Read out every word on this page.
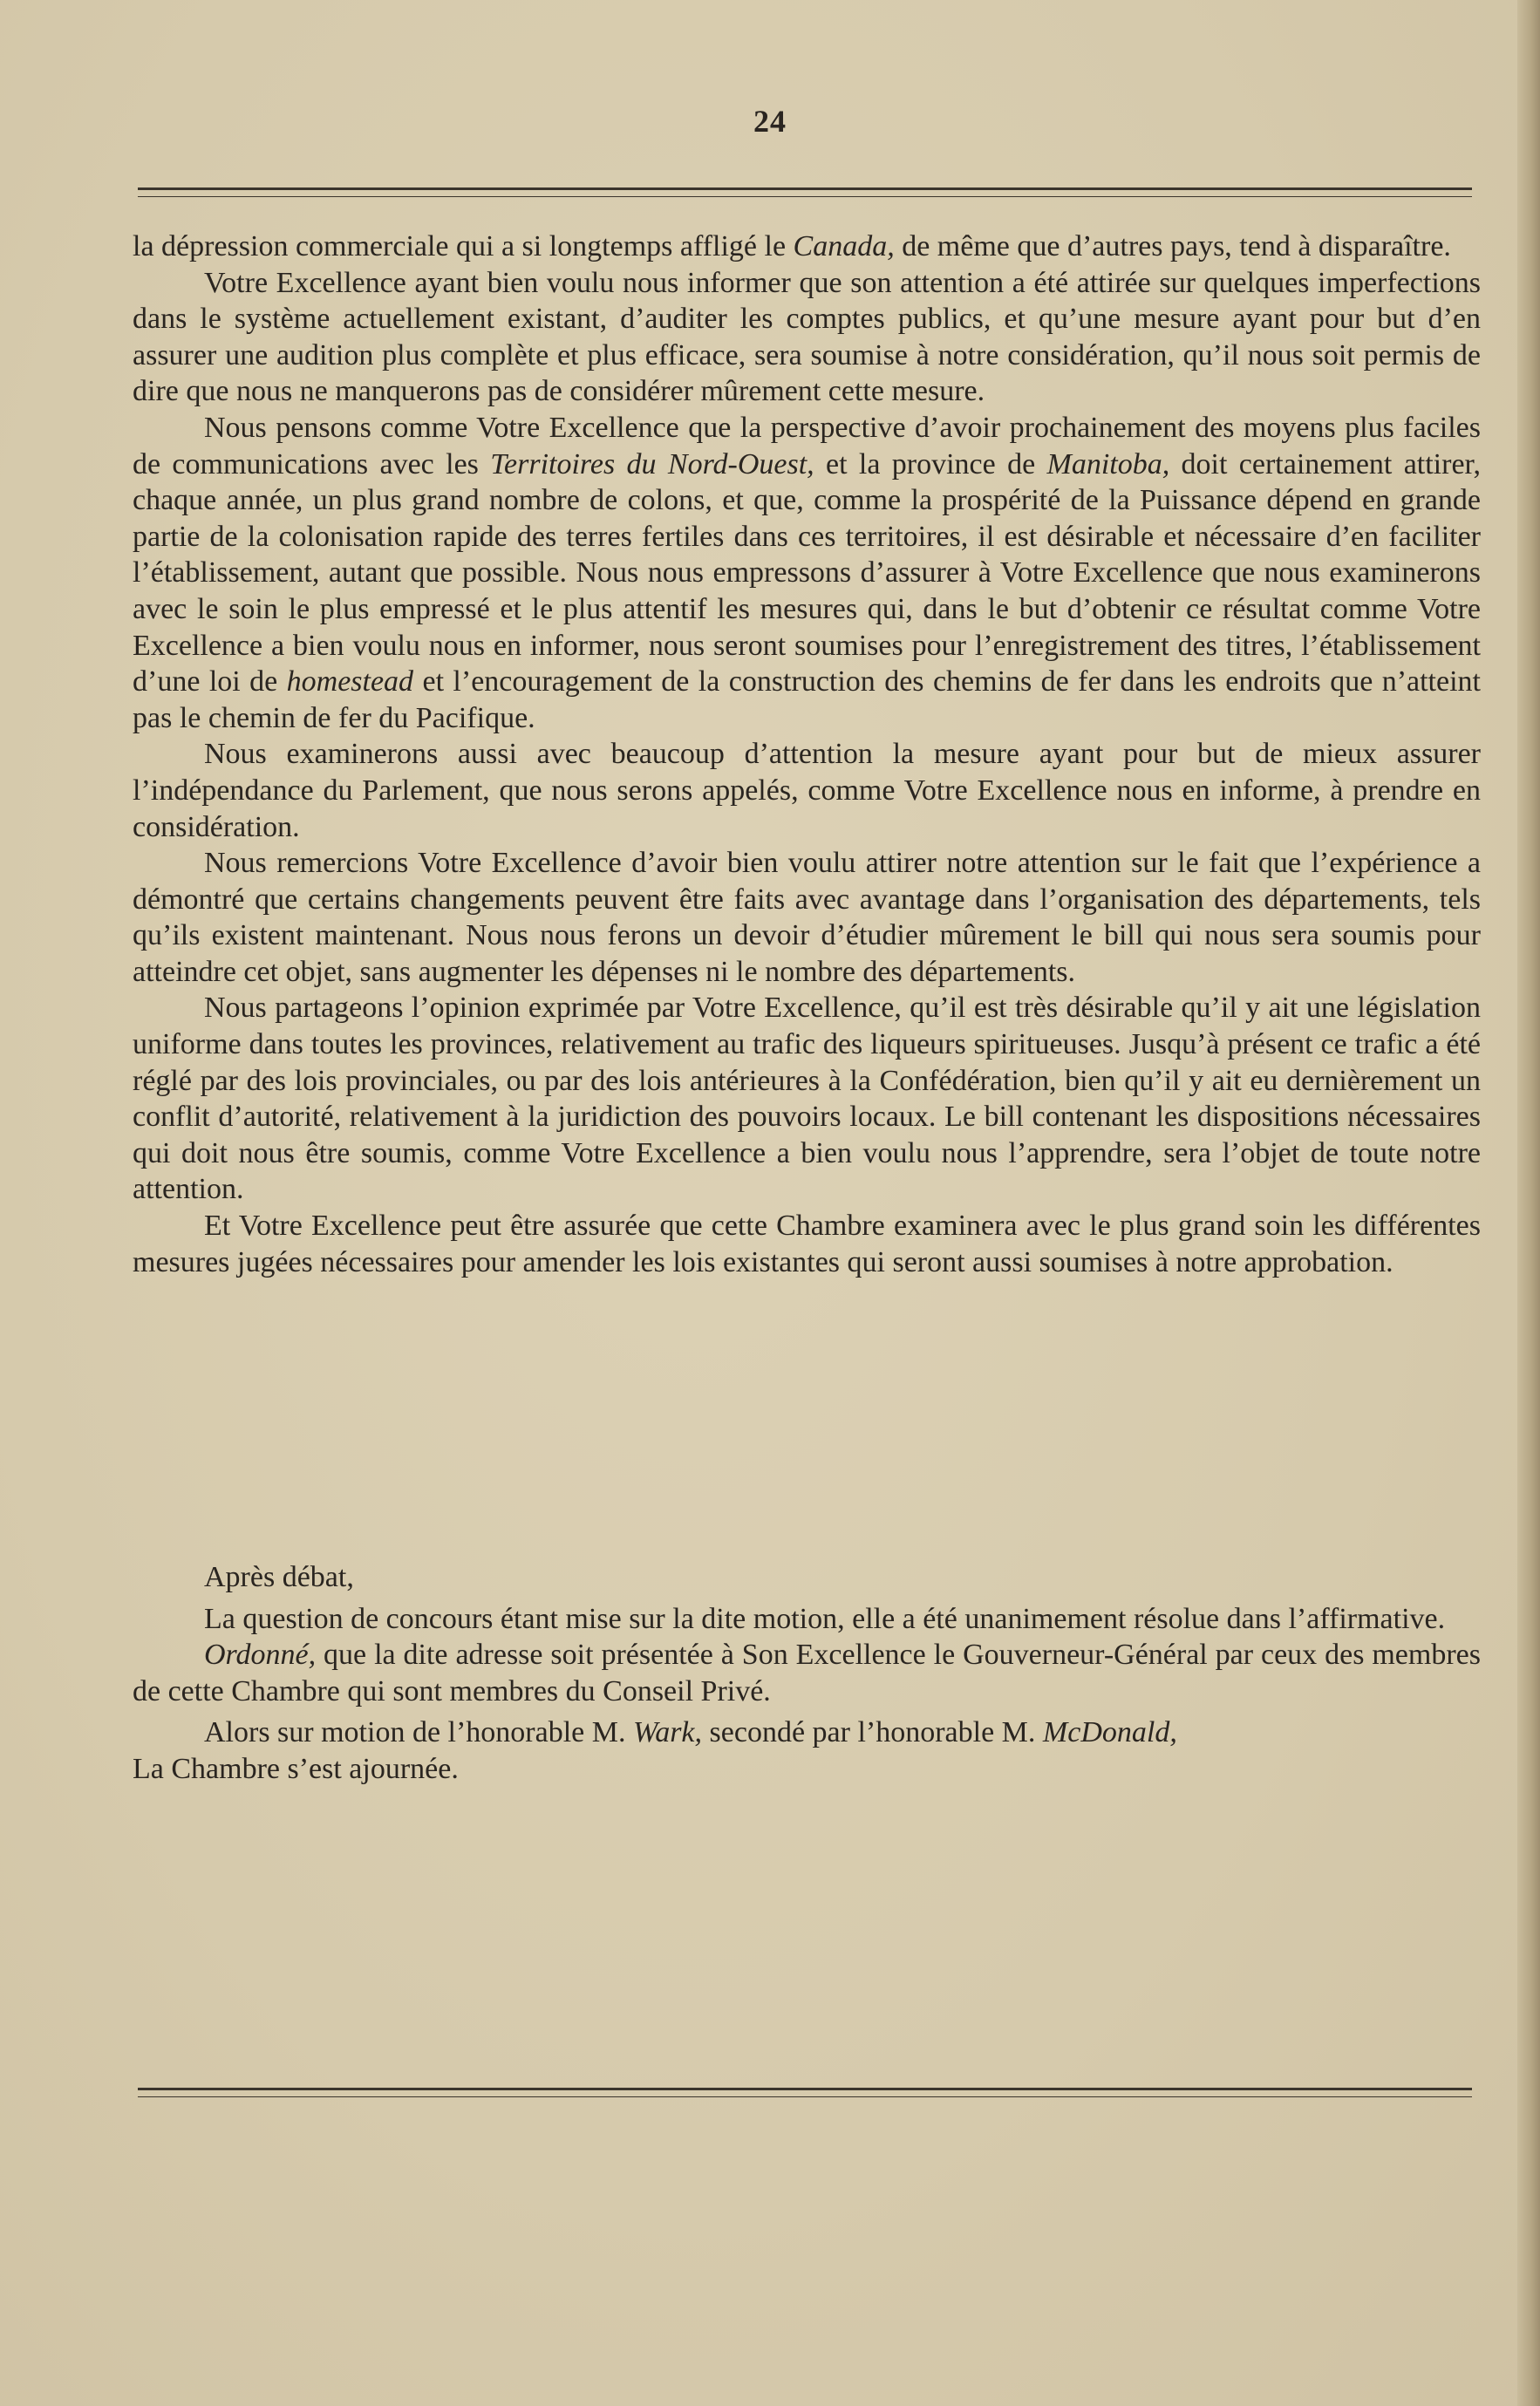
24

la dépression commerciale qui a si longtemps affligé le Canada, de même que d’autres pays, tend à disparaître.

Votre Excellence ayant bien voulu nous informer que son attention a été attirée sur quelques imperfections dans le système actuellement existant, d’auditer les comptes publics, et qu’une mesure ayant pour but d’en assurer une audition plus complète et plus efficace, sera soumise à notre considération, qu’il nous soit permis de dire que nous ne manquerons pas de considérer mûrement cette mesure.

Nous pensons comme Votre Excellence que la perspective d’avoir prochainement des moyens plus faciles de communications avec les Territoires du Nord-Ouest, et la province de Manitoba, doit certainement attirer, chaque année, un plus grand nombre de colons, et que, comme la prospérité de la Puissance dépend en grande partie de la colonisation rapide des terres fertiles dans ces territoires, il est désirable et nécessaire d’en faciliter l’établissement, autant que possible. Nous nous empressons d’assurer à Votre Excellence que nous examinerons avec le soin le plus empressé et le plus attentif les mesures qui, dans le but d’obtenir ce résultat comme Votre Excellence a bien voulu nous en informer, nous seront soumises pour l’enregistrement des titres, l’établissement d’une loi de homestead et l’encouragement de la construction des chemins de fer dans les endroits que n’atteint pas le chemin de fer du Pacifique.

Nous examinerons aussi avec beaucoup d’attention la mesure ayant pour but de mieux assurer l’indépendance du Parlement, que nous serons appelés, comme Votre Excellence nous en informe, à prendre en considération.

Nous remercions Votre Excellence d’avoir bien voulu attirer notre attention sur le fait que l’expérience a démontré que certains changements peuvent être faits avec avantage dans l’organisation des départements, tels qu’ils existent maintenant. Nous nous ferons un devoir d’étudier mûrement le bill qui nous sera soumis pour atteindre cet objet, sans augmenter les dépenses ni le nombre des départements.

Nous partageons l’opinion exprimée par Votre Excellence, qu’il est très désirable qu’il y ait une législation uniforme dans toutes les provinces, relativement au trafic des liqueurs spiritueuses. Jusqu’à présent ce trafic a été réglé par des lois provinciales, ou par des lois antérieures à la Confédération, bien qu’il y ait eu dernièrement un conflit d’autorité, relativement à la juridiction des pouvoirs locaux. Le bill contenant les dispositions nécessaires qui doit nous être soumis, comme Votre Excellence a bien voulu nous l’apprendre, sera l’objet de toute notre attention.

Et Votre Excellence peut être assurée que cette Chambre examinera avec le plus grand soin les différentes mesures jugées nécessaires pour amender les lois existantes qui seront aussi soumises à notre approbation.

Après débat,

La question de concours étant mise sur la dite motion, elle a été unanimement résolue dans l’affirmative.

Ordonné, que la dite adresse soit présentée à Son Excellence le Gouverneur-Général par ceux des membres de cette Chambre qui sont membres du Conseil Privé.

Alors sur motion de l’honorable M. Wark, secondé par l’honorable M. McDonald,

La Chambre s’est ajournée.
